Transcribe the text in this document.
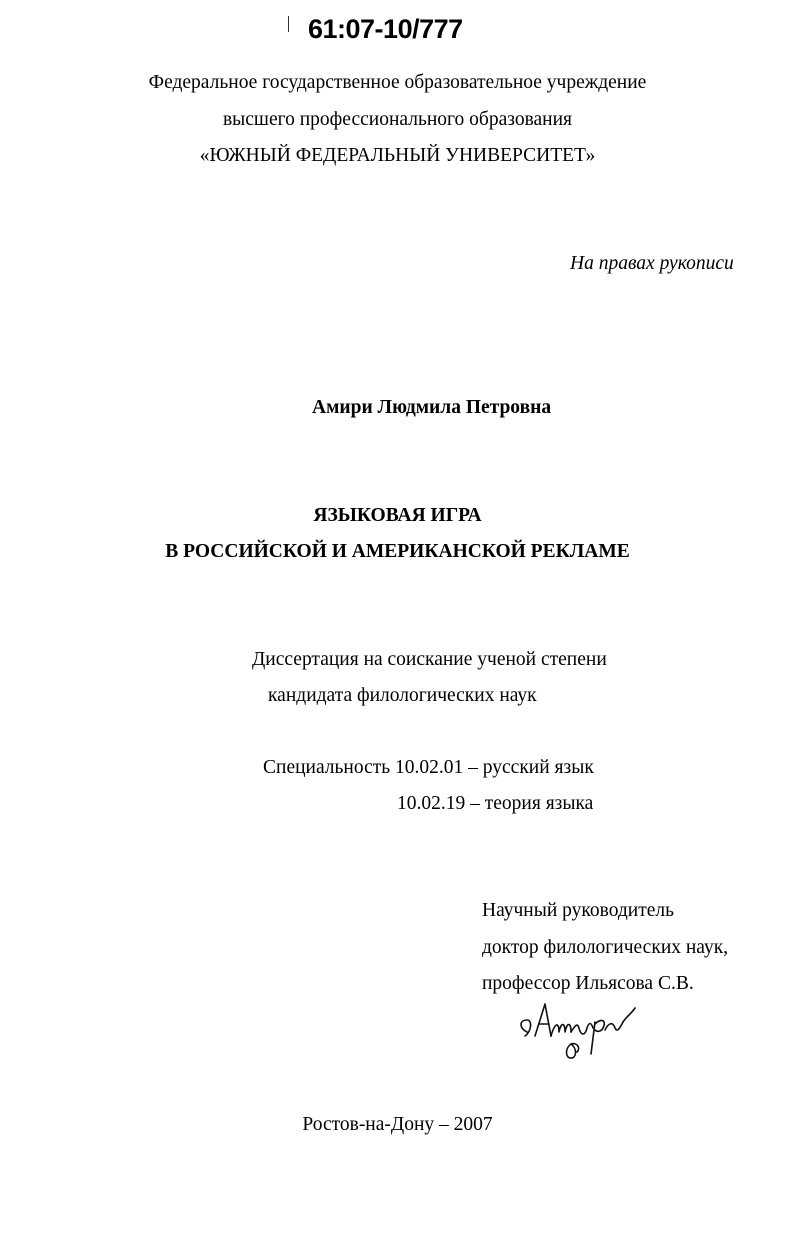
61:07-10/777
Федеральное государственное образовательное учреждение
высшего профессионального образования
«ЮЖНЫЙ ФЕДЕРАЛЬНЫЙ УНИВЕРСИТЕТ»
На правах рукописи
Амири Людмила Петровна
ЯЗЫКОВАЯ ИГРА
В РОССИЙСКОЙ И АМЕРИКАНСКОЙ РЕКЛАМЕ
Диссертация на соискание ученой степени
кандидата филологических наук
Специальность 10.02.01 – русский язык
10.02.19 – теория языка
Научный руководитель
доктор филологических наук,
профессор Ильясова С.В.
Ростов-на-Дону – 2007
